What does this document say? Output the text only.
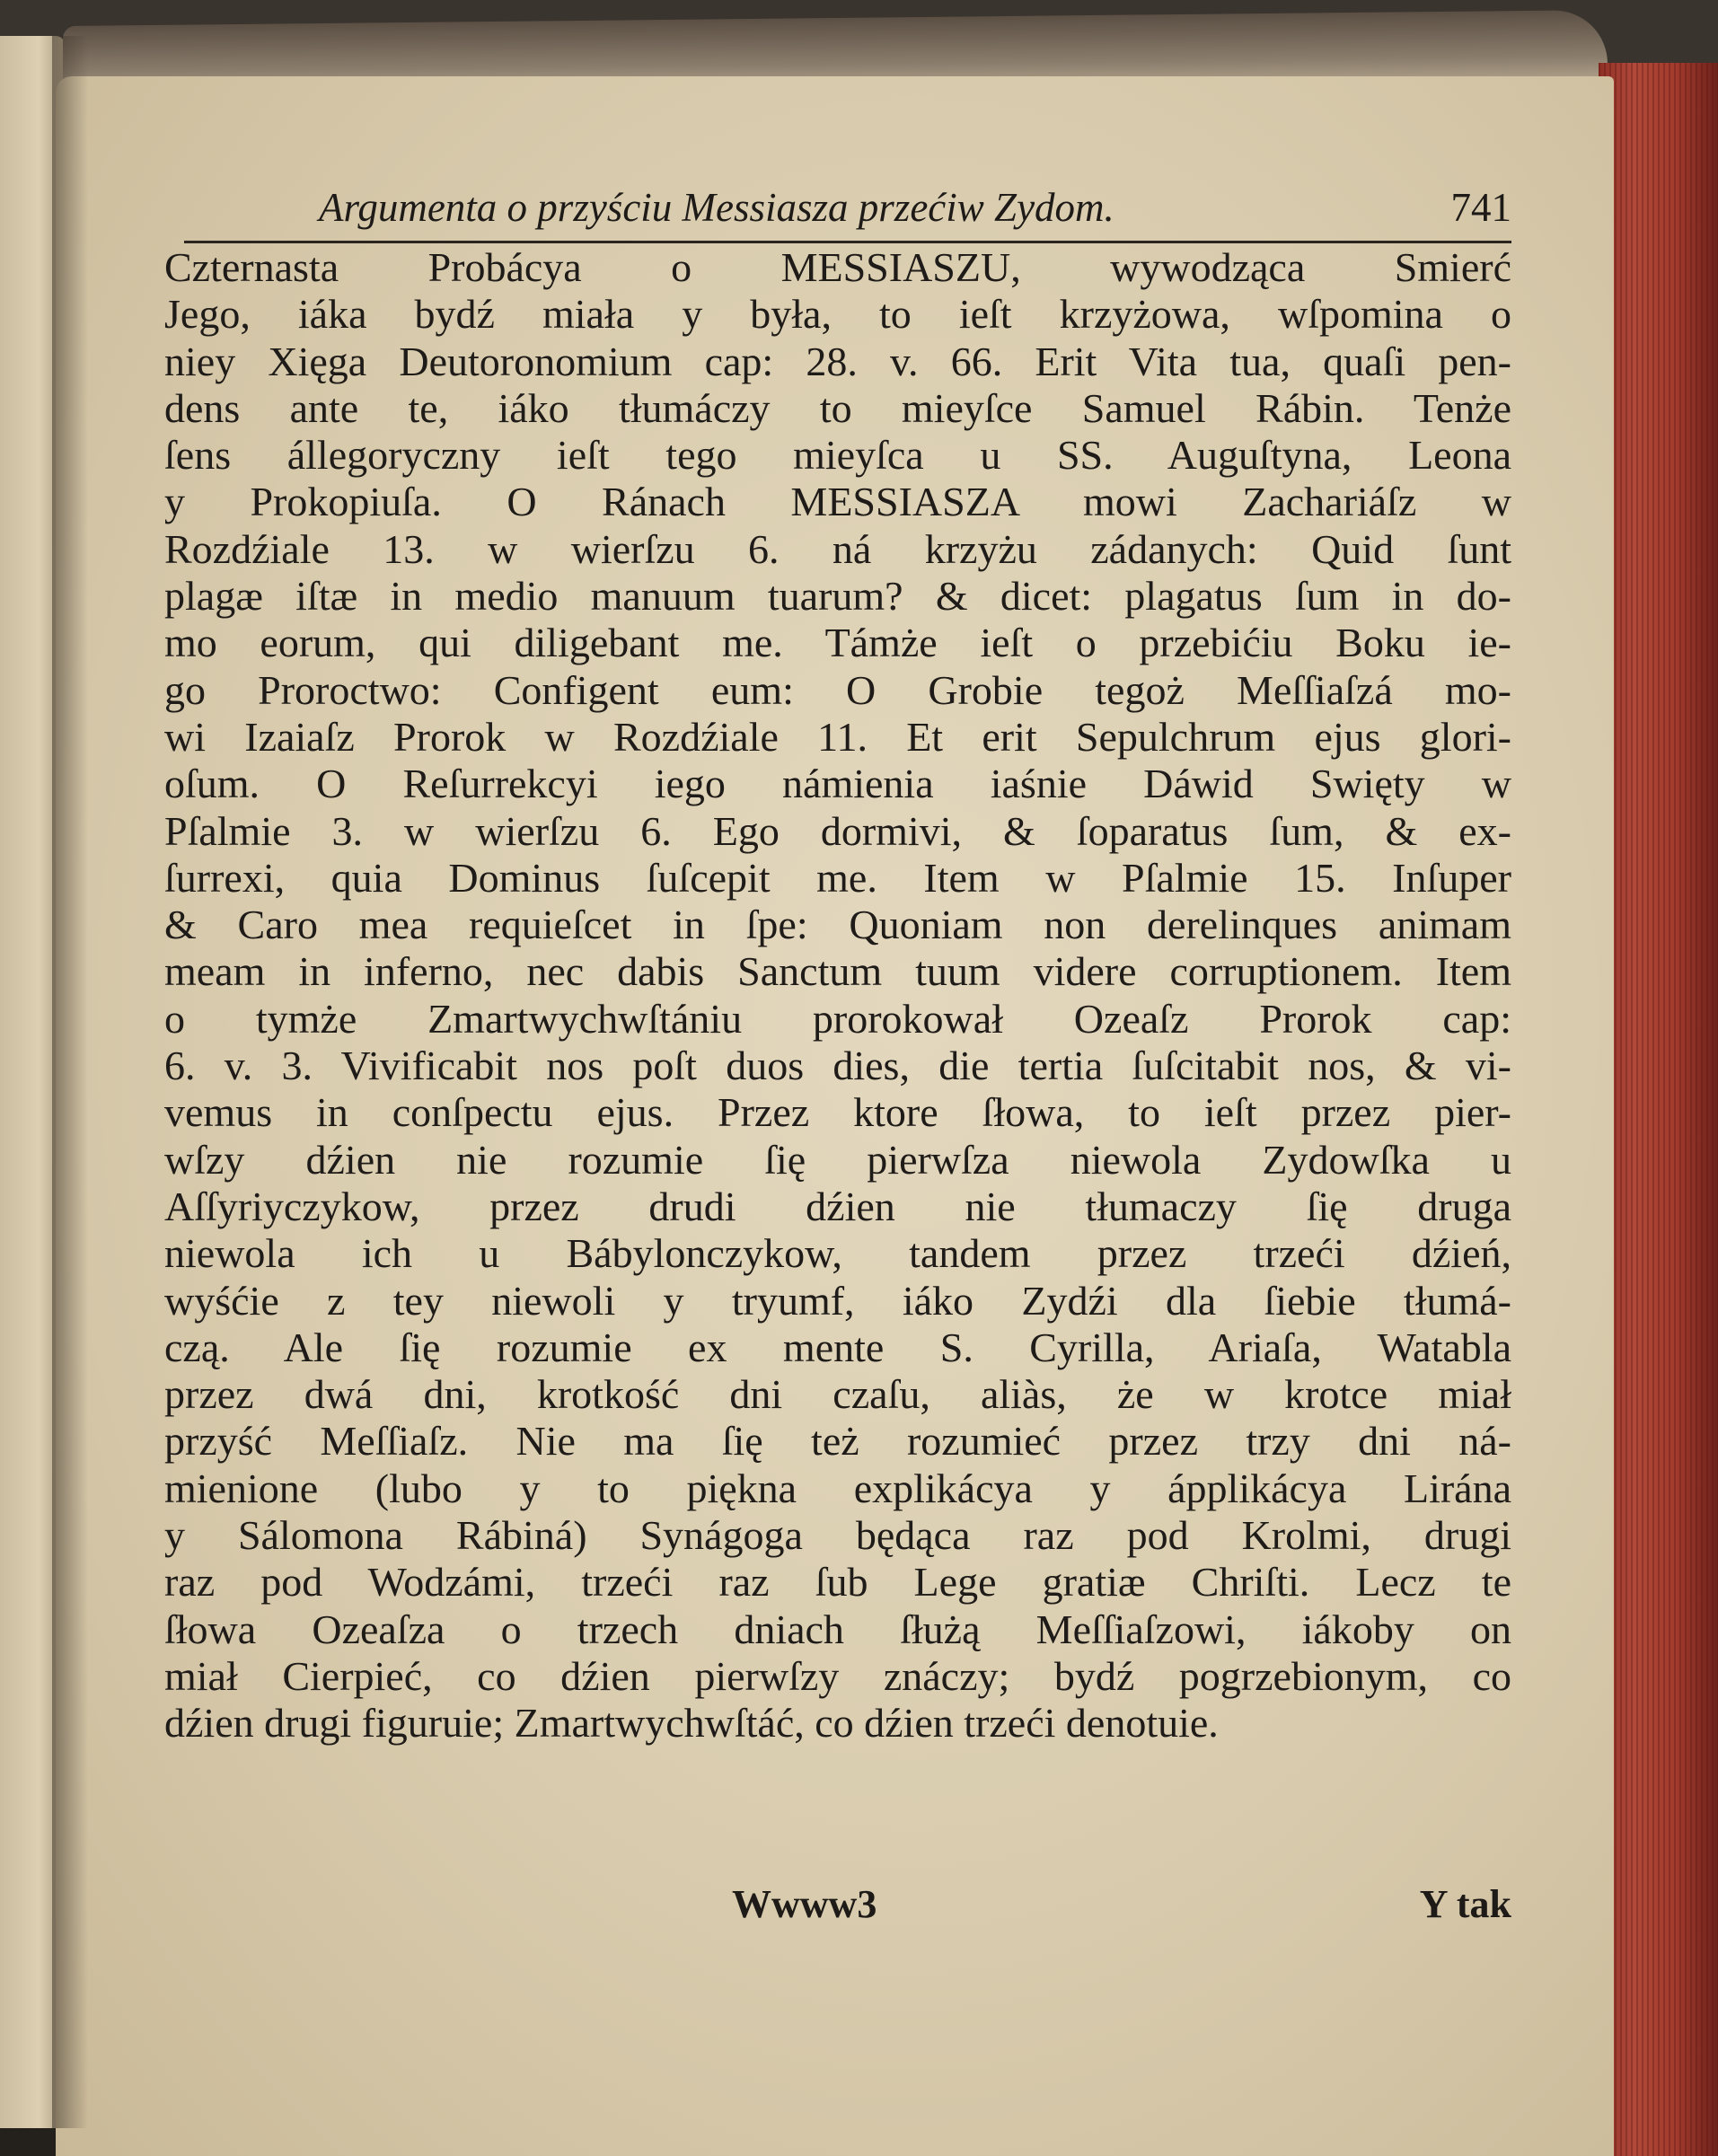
Argumenta o przyściu Messiasza przećiw Zydom.	741
Czternasta Probácya o MESSIASZU, wywodząca Smierć
Jego, iáka bydź miała y była, to ieſt krzyżowa, wſpomina o
niey Xięga Deutoronomium cap: 28. v. 66. Erit Vita tua, quaſi pen-
dens ante te, iáko tłumáczy to mieyſce Samuel Rábin. Tenże
ſens állegoryczny ieſt tego mieyſca u SS. Auguſtyna, Leona
y Prokopiuſa. O Ránach MESSIASZA mowi Zachariáſz w
Rozdźiale 13. w wierſzu 6. ná krzyżu zádanych: Quid ſunt
plagæ iſtæ in medio manuum tuarum? & dicet: plagatus ſum in do-
mo eorum, qui diligebant me. Támże ieſt o przebićiu Boku ie-
go Proroctwo: Configent eum: O Grobie tegoż Meſſiaſzá mo-
wi Izaiaſz Prorok w Rozdźiale 11. Et erit Sepulchrum ejus glori-
oſum. O Reſurrekcyi iego námienia iaśnie Dáwid Swięty w
Pſalmie 3. w wierſzu 6. Ego dormivi, & ſoparatus ſum, & ex-
ſurrexi, quia Dominus ſuſcepit me. Item w Pſalmie 15. Inſuper
& Caro mea requieſcet in ſpe: Quoniam non derelinques animam
meam in inferno, nec dabis Sanctum tuum videre corruptionem. Item
o tymże Zmartwychwſtániu prorokował Ozeaſz Prorok cap:
6. v. 3. Vivificabit nos poſt duos dies, die tertia ſuſcitabit nos, & vi-
vemus in conſpectu ejus. Przez ktore ſłowa, to ieſt przez pier-
wſzy dźien nie rozumie ſię pierwſza niewola Zydowſka u
Aſſyriyczykow, przez drudi dźien nie tłumaczy ſię druga
niewola ich u Bábylonczykow, tandem przez trzeći dźień,
wyśćie z tey niewoli y tryumf, iáko Zydźi dla ſiebie tłumá-
czą. Ale ſię rozumie ex mente S. Cyrilla, Ariaſa, Watabla
przez dwá dni, krotkość dni czaſu, aliàs, że w krotce miał
przyść Meſſiaſz. Nie ma ſię też rozumieć przez trzy dni ná-
mienione (lubo y to piękna explikácya y ápplikácya Lirána
y Sálomona Rábiná) Synágoga będąca raz pod Krolmi, drugi
raz pod Wodzámi, trzeći raz ſub Lege gratiæ Chriſti. Lecz te
ſłowa Ozeaſza o trzech dniach ſłużą Meſſiaſzowi, iákoby on
miał Cierpieć, co dźien pierwſzy znáczy; bydź pogrzebionym, co
dźien drugi figuruie; Zmartwychwſtáć, co dźien trzeći denotuie.
Wwww3	Y tak
